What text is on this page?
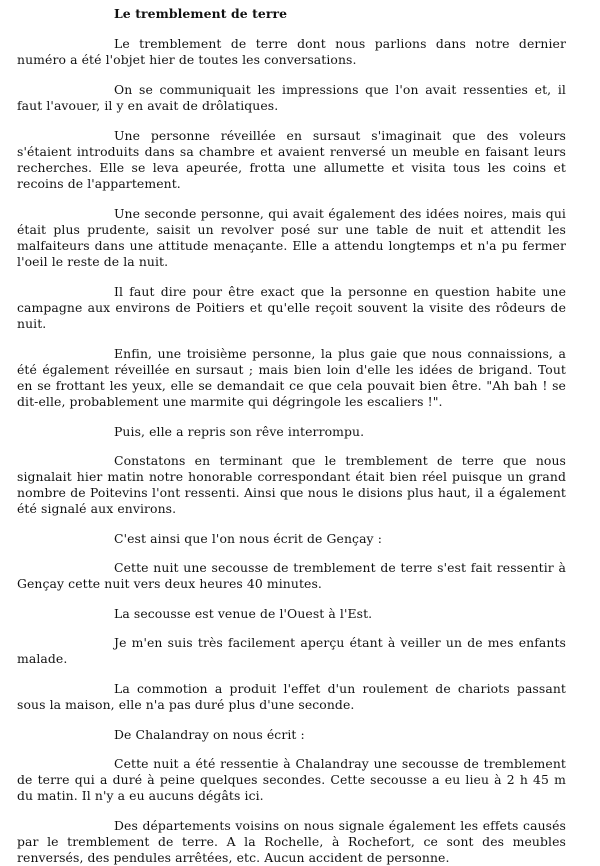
Le tremblement de terre

Le tremblement de terre dont nous parlions dans notre dernier numéro a été l'objet hier de toutes les conversations.

On se communiquait les impressions que l'on avait ressenties et, il faut l'avouer, il y en avait de drôlatiques.

Une personne réveillée en sursaut s'imaginait que des voleurs s'étaient introduits dans sa chambre et avaient renversé un meuble en faisant leurs recherches. Elle se leva apeurée, frotta une allumette et visita tous les coins et recoins de l'appartement.

Une seconde personne, qui avait également des idées noires, mais qui était plus prudente, saisit un revolver posé sur une table de nuit et attendit les malfaiteurs dans une attitude menaçante. Elle a attendu longtemps et n'a pu fermer l'oeil le reste de la nuit.

Il faut dire pour être exact que la personne en question habite une campagne aux environs de Poitiers et qu'elle reçoit souvent la visite des rôdeurs de nuit.

Enfin, une troisième personne, la plus gaie que nous connaissions, a été également réveillée en sursaut ; mais bien loin d'elle les idées de brigand. Tout en se frottant les yeux, elle se demandait ce que cela pouvait bien être. "Ah bah ! se dit-elle, probablement une marmite qui dégringole les escaliers !".

Puis, elle a repris son rêve interrompu.

Constatons en terminant que le tremblement de terre que nous signalait hier matin notre honorable correspondant était bien réel puisque un grand nombre de Poitevins l'ont ressenti. Ainsi que nous le disions plus haut, il a également été signalé aux environs.

C'est ainsi que l'on nous écrit de Gençay :

Cette nuit une secousse de tremblement de terre s'est fait ressentir à Gençay cette nuit vers deux heures 40 minutes.

La secousse est venue de l'Ouest à l'Est.

Je m'en suis très facilement aperçu étant à veiller un de mes enfants malade.

La commotion a produit l'effet d'un roulement de chariots passant sous la maison, elle n'a pas duré plus d'une seconde.

De Chalandray on nous écrit :

Cette nuit a été ressentie à Chalandray une secousse de tremblement de terre qui a duré à peine quelques secondes. Cette secousse a eu lieu à 2 h 45 m du matin. Il n'y a eu aucuns dégâts ici.

Des départements voisins on nous signale également les effets causés par le tremblement de terre. A la Rochelle, à Rochefort, ce sont des meubles renversés, des pendules arrêtées, etc. Aucun accident de personne.
